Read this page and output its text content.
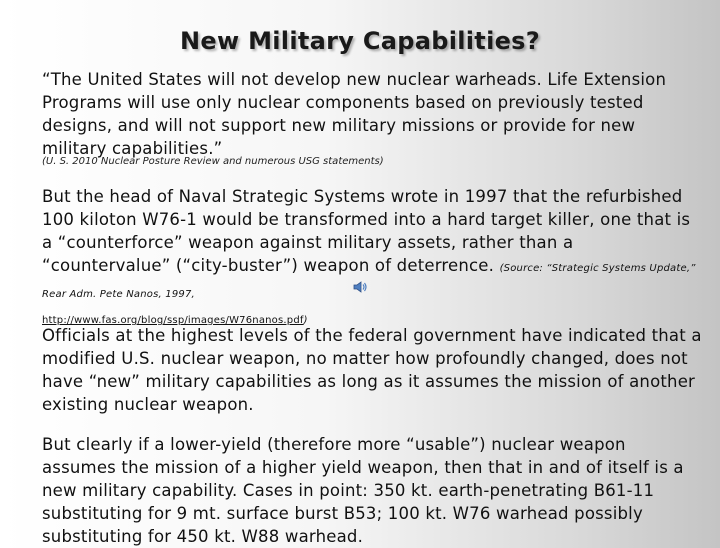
New Military Capabilities?
“The United States will not develop new nuclear warheads. Life Extension Programs will use only nuclear components based on previously tested designs, and will not support new military missions or provide for new military capabilities.”
(U. S. 2010 Nuclear Posture Review and numerous USG statements)
But the head of Naval Strategic Systems wrote in 1997 that the refurbished 100 kiloton W76-1 would be transformed into a hard target killer, one that is a “counterforce” weapon against military assets, rather than a “countervalue” (“city-buster”) weapon of deterrence. (Source: “Strategic Systems Update,” Rear Adm. Pete Nanos, 1997,
http://www.fas.org/blog/ssp/images/W76nanos.pdf)
Officials at the highest levels of the federal government have indicated that a modified U.S. nuclear weapon, no matter how profoundly changed, does not have “new” military capabilities as long as it assumes the mission of another existing nuclear weapon.
But clearly if a lower-yield (therefore more “usable”) nuclear weapon assumes the mission of a higher yield weapon, then that in and of itself is a new military capability. Cases in point: 350 kt. earth-penetrating B61-11 substituting for 9 mt. surface burst B53; 100 kt. W76 warhead possibly substituting for 450 kt. W88 warhead.
